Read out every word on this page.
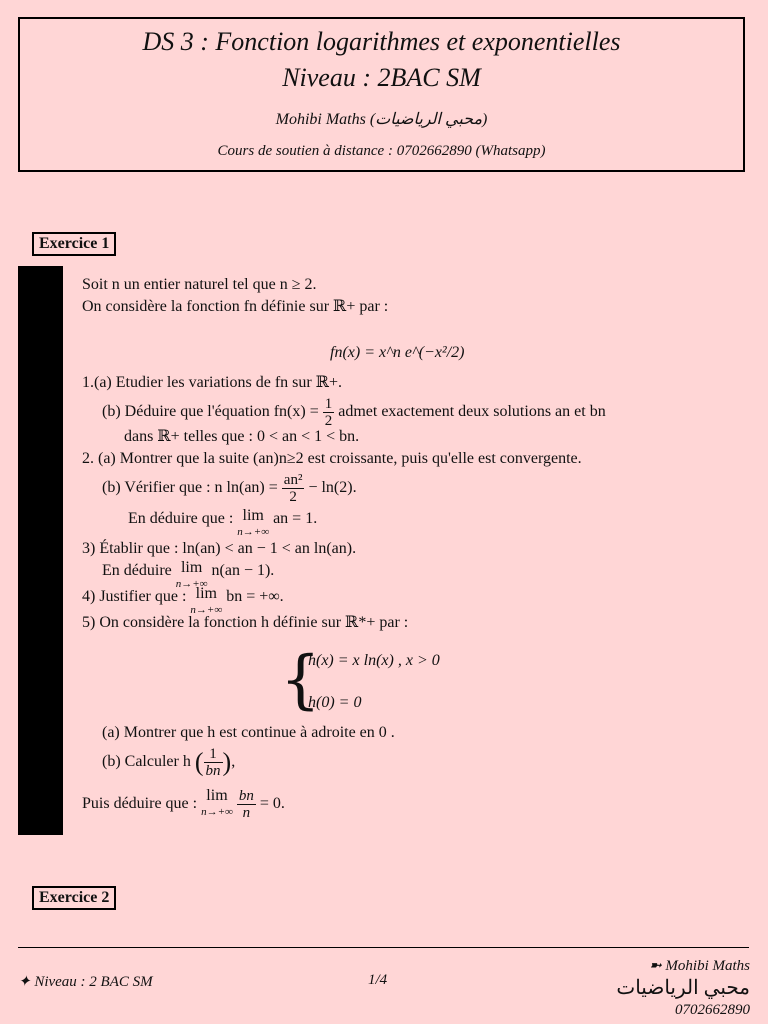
DS 3 : Fonction logarithmes et exponentielles
Niveau : 2BAC SM
Mohibi Maths (محبي الرياضيات)
Cours de soutien à distance : 0702662890 (Whatsapp)
Exercice 1
Soit n un entier naturel tel que n ≥ 2.
On considère la fonction fn définie sur ℝ+ par :
fn(x) = x^n e^(−x²/2)
1.(a) Etudier les variations de fn sur ℝ+.
(b) Déduire que l'équation $fn(x) = \frac{1}{2}$ admet exactement deux solutions an et bn
dans ℝ+ telles que : 0 < an < 1 < bn.
2. (a) Montrer que la suite (an)n≥2 est croissante, puis qu'elle est convergente.
(b) Vérifier que : n $\ln(an) = \frac{\text{an²}}{2} - \ln(2)$.
En déduire que : lim
n→+∞
an = 1.
3) Établir que : ln(an) < an − 1 < an ln(an).
En déduire lim
n→+∞
n(an − 1).
4) Justifier que : lim
n→+∞
bn = +∞.
5) On considère la fonction h définie sur ℝ*+ par :
{
h(x) = x ln(x) , x > 0
h(0) = 0
(a) Montrer que h est continue à adroite en 0 .
(b) Calculer h ( $\frac{1}{bn}$ ),
Puis déduire que : lim
n→+∞
$\frac{bn}{n} = 0$.
Exercice 2
✦ Niveau : 2 BAC SM	1/4
➼ Mohibi Maths
محبي الرياضيات
0702662890
